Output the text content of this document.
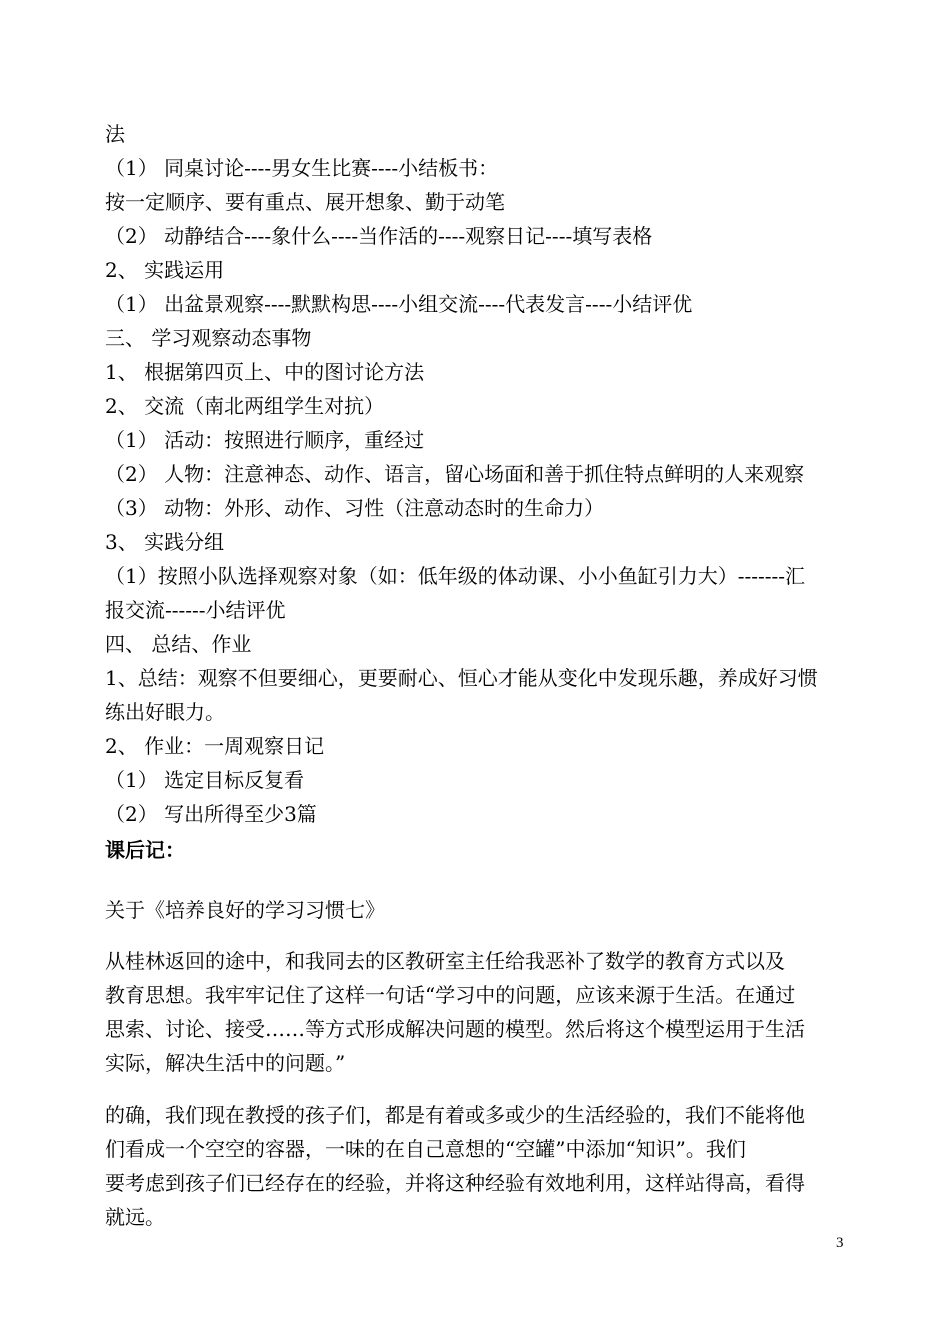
法
（1） 同桌讨论----男女生比赛----小结板书：
按一定顺序、要有重点、展开想象、勤于动笔
（2） 动静结合----象什么----当作活的----观察日记----填写表格
2、 实践运用
（1） 出盆景观察----默默构思----小组交流----代表发言----小结评优
三、 学习观察动态事物
1、 根据第四页上、中的图讨论方法
2、 交流（南北两组学生对抗）
（1） 活动：按照进行顺序，重经过
（2） 人物：注意神态、动作、语言，留心场面和善于抓住特点鲜明的人来观察
（3） 动物：外形、动作、习性（注意动态时的生命力）
3、 实践分组
（1）按照小队选择观察对象（如：低年级的体动课、小小鱼缸引力大）-------汇
报交流------小结评优
四、 总结、作业
1、总结：观察不但要细心，更要耐心、恒心才能从变化中发现乐趣，养成好习惯
练出好眼力。
2、 作业：一周观察日记
（1） 选定目标反复看
（2） 写出所得至少3篇
课后记：
关于《培养良好的学习习惯七》
从桂林返回的途中，和我同去的区教研室主任给我恶补了数学的教育方式以及
教育思想。我牢牢记住了这样一句话“学习中的问题，应该来源于生活。在通过
思索、讨论、接受……等方式形成解决问题的模型。然后将这个模型运用于生活
实际，解决生活中的问题。”
的确，我们现在教授的孩子们，都是有着或多或少的生活经验的，我们不能将他
们看成一个空空的容器，一味的在自己意想的“空罐”中添加“知识”。我们
要考虑到孩子们已经存在的经验，并将这种经验有效地利用，这样站得高，看得
就远。
3
